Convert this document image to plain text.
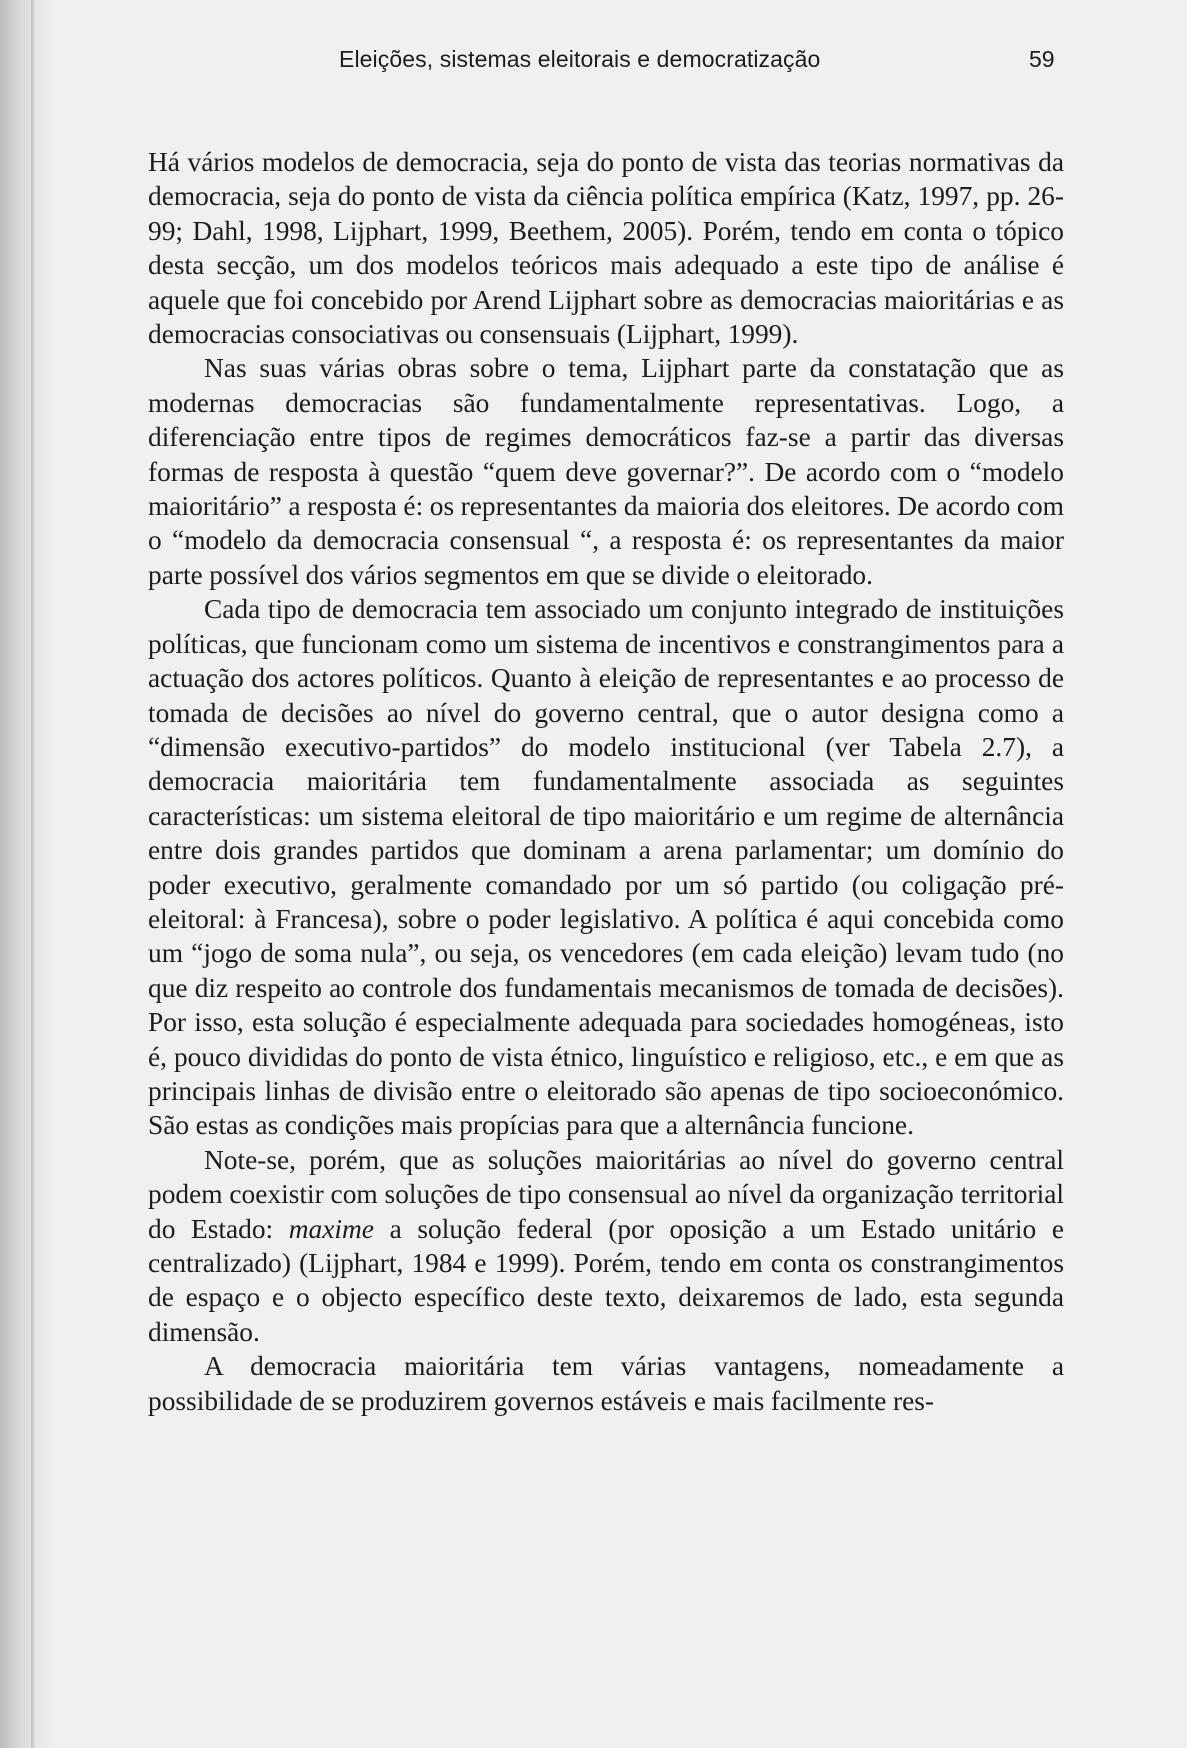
Eleições, sistemas eleitorais e democratização	59

Há vários modelos de democracia, seja do ponto de vista das teorias normativas da democracia, seja do ponto de vista da ciência política empírica (Katz, 1997, pp. 26-99; Dahl, 1998, Lijphart, 1999, Beethem, 2005). Porém, tendo em conta o tópico desta secção, um dos modelos teóricos mais adequado a este tipo de análise é aquele que foi concebido por Arend Lijphart sobre as democracias maioritárias e as democracias consociativas ou consensuais (Lijphart, 1999).

Nas suas várias obras sobre o tema, Lijphart parte da constatação que as modernas democracias são fundamentalmente representativas. Logo, a diferenciação entre tipos de regimes democráticos faz-se a partir das diversas formas de resposta à questão “quem deve governar?”. De acordo com o “modelo maioritário” a resposta é: os representantes da maioria dos eleitores. De acordo com o “modelo da democracia consensual “, a resposta é: os representantes da maior parte possível dos vários segmentos em que se divide o eleitorado.

Cada tipo de democracia tem associado um conjunto integrado de instituições políticas, que funcionam como um sistema de incentivos e constrangimentos para a actuação dos actores políticos. Quanto à eleição de representantes e ao processo de tomada de decisões ao nível do governo central, que o autor designa como a “dimensão executivo-partidos” do modelo institucional (ver Tabela 2.7), a democracia maioritária tem fundamentalmente associada as seguintes características: um sistema eleitoral de tipo maioritário e um regime de alternância entre dois grandes partidos que dominam a arena parlamentar; um domínio do poder executivo, geralmente comandado por um só partido (ou coligação pré-eleitoral: à Francesa), sobre o poder legislativo. A política é aqui concebida como um “jogo de soma nula”, ou seja, os vencedores (em cada eleição) levam tudo (no que diz respeito ao controle dos fundamentais mecanismos de tomada de decisões). Por isso, esta solução é especialmente adequada para sociedades homogéneas, isto é, pouco divididas do ponto de vista étnico, linguístico e religioso, etc., e em que as principais linhas de divisão entre o eleitorado são apenas de tipo socioeconómico. São estas as condições mais propícias para que a alternância funcione.

Note-se, porém, que as soluções maioritárias ao nível do governo central podem coexistir com soluções de tipo consensual ao nível da organização territorial do Estado: maxime a solução federal (por oposição a um Estado unitário e centralizado) (Lijphart, 1984 e 1999). Porém, tendo em conta os constrangimentos de espaço e o objecto específico deste texto, deixaremos de lado, esta segunda dimensão.

A democracia maioritária tem várias vantagens, nomeadamente a possibilidade de se produzirem governos estáveis e mais facilmente res-
